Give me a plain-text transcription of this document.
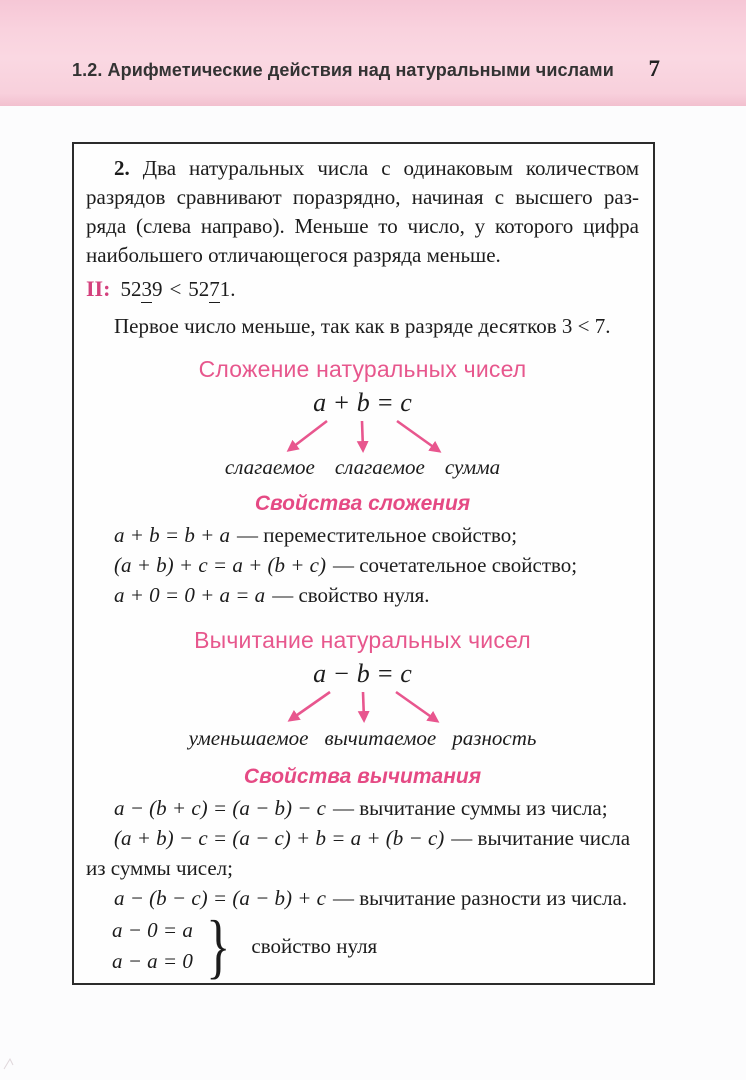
1.2. Арифметические действия над натуральными числами 7
2. Два натуральных числа с одинаковым количеством
разрядов сравнивают поразрядно, начиная с высшего раз-
ряда (слева направо). Меньше то число, у которого цифра
наибольшего отличающегося разряда меньше.
II: 5239 < 5271.
Первое число меньше, так как в разряде десятков 3 < 7.
Сложение натуральных чисел
a + b = c
слагаемое слагаемое сумма
Свойства сложения

a + b = b + a — переместительное свойство;

(a + b) + c = a + (b + c) — сочетательное свойство;

a + 0 = 0 + a = a — свойство нуля.

Вычитание натуральных чисел
a − b = c
уменьшаемое вычитаемое разность
Свойства вычитания

a − (b + c) = (a − b) − c — вычитание суммы из числа;

(a + b) − c = (a − c) + b = a + (b − c) — вычитание числа
из суммы чисел;

a − (b − c) = (a − b) + c — вычитание разности из числа.

a − 0 = a
a − a = 0 } свойство нуля
